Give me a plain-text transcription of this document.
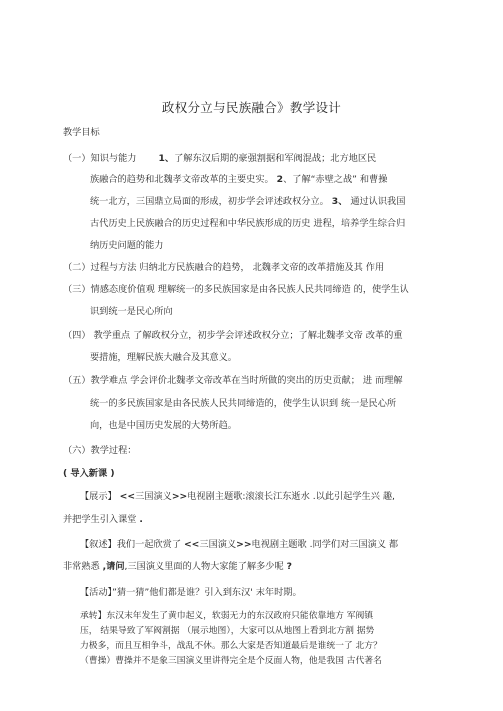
政权分立与民族融合》教学设计
教学目标
（一）知识与能力 1、了解东汉后期的豪强割据和军阀混战；北方地区民
族融合的趋势和北魏孝文帝改革的主要史实。 2、了解“赤壁之战” 和曹操
统一北方，三国鼎立局面的形成，初步学会评述政权分立。 3、 通过认识我国
古代历史上民族融合的历史过程和中华民族形成的历史 进程，培养学生综合归
纳历史问题的能力
（二）过程与方法 归纳北方民族融合的趋势， 北魏孝文帝的改革措施及其 作用
（三）情感态度价值观 理解统一的多民族国家是由各民族人民共同缔造 的，使学生认
识到统一是民心所向
（四） 教学重点 了解政权分立，初步学会评述政权分立；了解北魏孝文帝 改革的重
要措施，理解民族大融合及其意义。
（五）教学难点 学会评价北魏孝文帝改革在当时所做的突出的历史贡献； 进 而理解
统一的多民族国家是由各民族人民共同缔造的，使学生认识到 统一是民心所
向，也是中国历史发展的大势所趋。
（六）教学过程：
( 导入新课 )
【展示】 <<三国演义>>电视剧主题歌:滚滚长江东逝水 .以此引起学生兴 趣,
并把学生引入课堂 .
【叙述】我们一起欣赏了 <<三国演义>>电视剧主题歌 .同学们对三国演义 都
非常熟悉 ,请问,三国演义里面的人物大家能了解多少呢 ?
【活动】”猜一猜”他们都是谁？引入到东汉' 末年时期。
承转】东汉末年发生了黄巾起义，软弱无力的东汉政府只能依靠地方 军阀镇
压， 结果导致了军阀割据 （展示地图），大家可以从地图上看到北方割 据势
力极多，而且互相争斗，战乱不休。那么大家是否知道最后是谁统一了 北方？
（曹操）曹操并不是象三国演义里讲得完全是个反面人物，他是我国 古代著名
